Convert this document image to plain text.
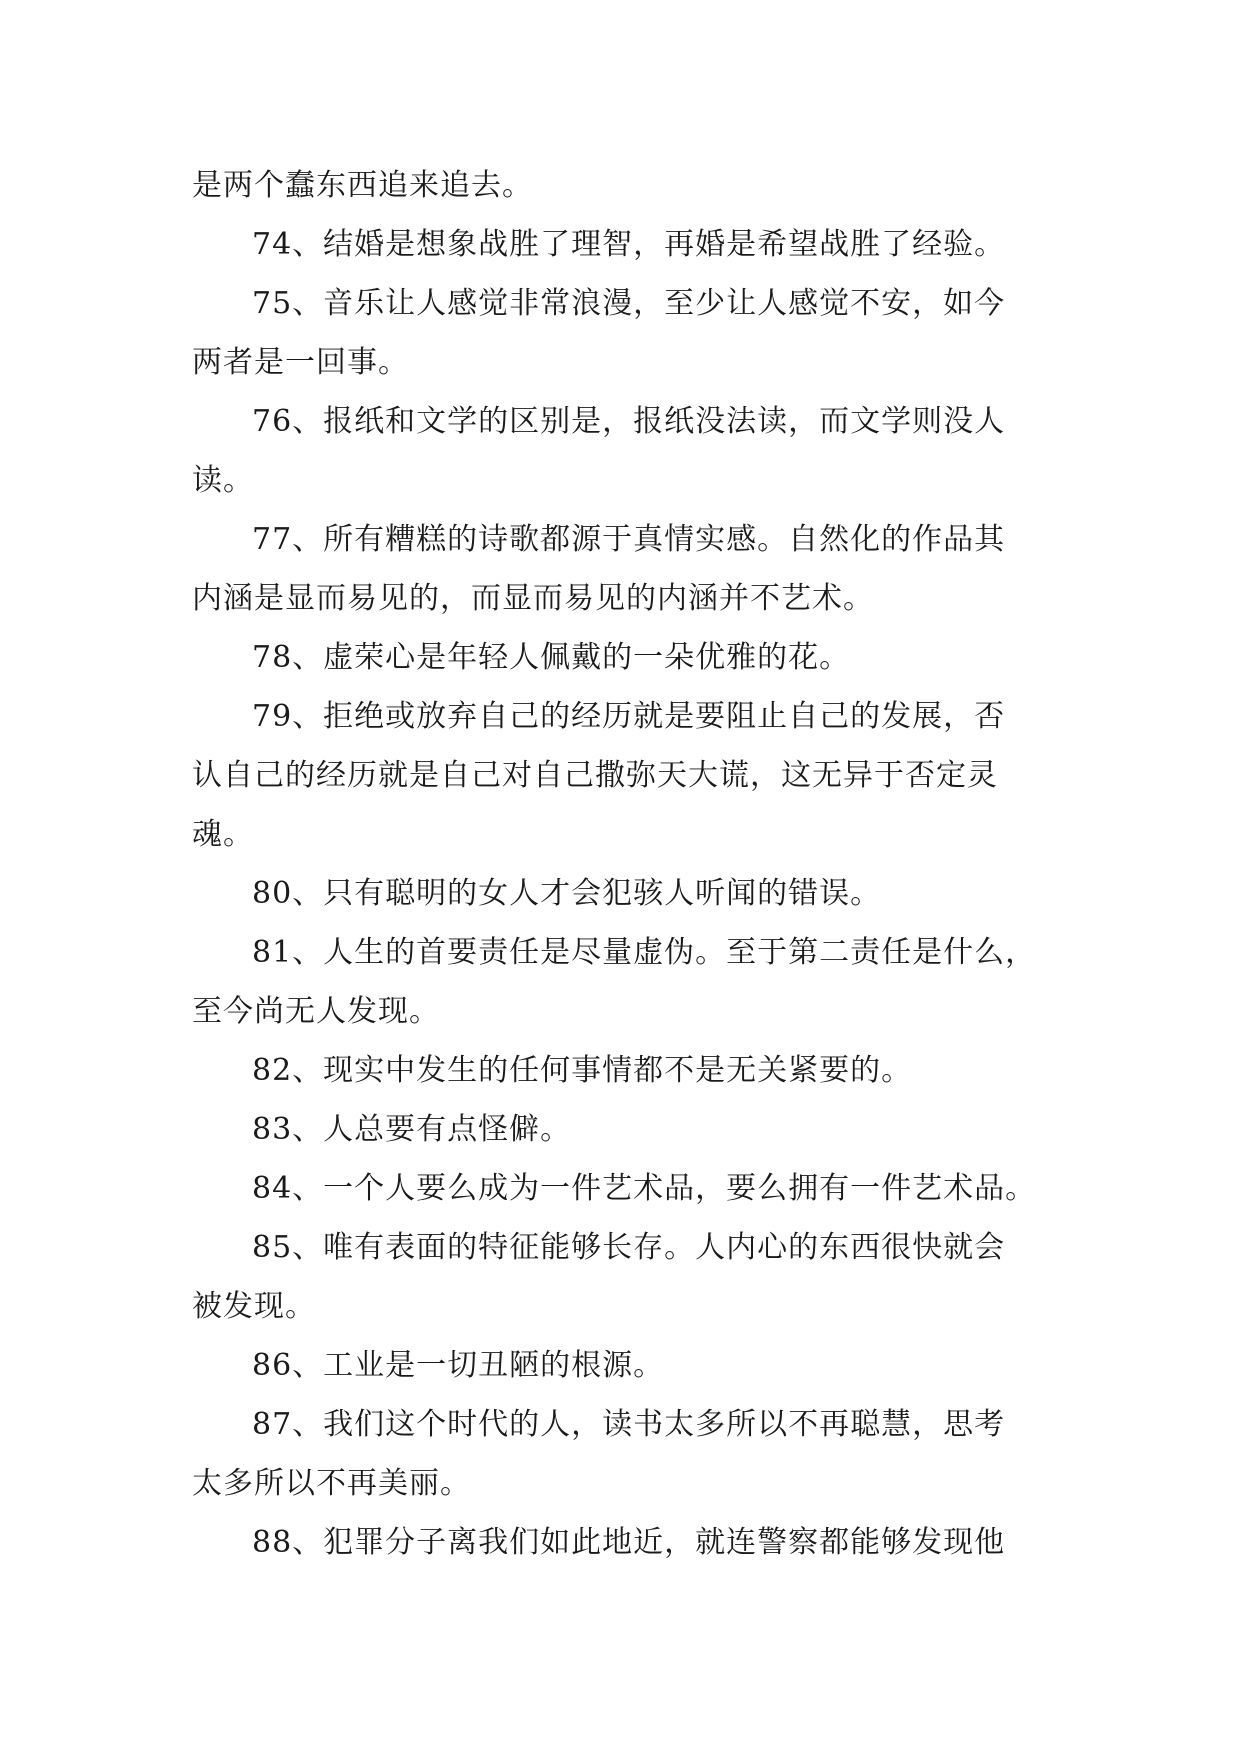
是两个蠢东西追来追去。
74、结婚是想象战胜了理智，再婚是希望战胜了经验。
75、音乐让人感觉非常浪漫，至少让人感觉不安，如今
两者是一回事。
76、报纸和文学的区别是，报纸没法读，而文学则没人
读。
77、所有糟糕的诗歌都源于真情实感。自然化的作品其
内涵是显而易见的，而显而易见的内涵并不艺术。
78、虚荣心是年轻人佩戴的一朵优雅的花。
79、拒绝或放弃自己的经历就是要阻止自己的发展，否
认自己的经历就是自己对自己撒弥天大谎，这无异于否定灵
魂。
80、只有聪明的女人才会犯骇人听闻的错误。
81、人生的首要责任是尽量虚伪。至于第二责任是什么，
至今尚无人发现。
82、现实中发生的任何事情都不是无关紧要的。
83、人总要有点怪僻。
84、一个人要么成为一件艺术品，要么拥有一件艺术品。
85、唯有表面的特征能够长存。人内心的东西很快就会
被发现。
86、工业是一切丑陋的根源。
87、我们这个时代的人，读书太多所以不再聪慧，思考
太多所以不再美丽。
88、犯罪分子离我们如此地近，就连警察都能够发现他
